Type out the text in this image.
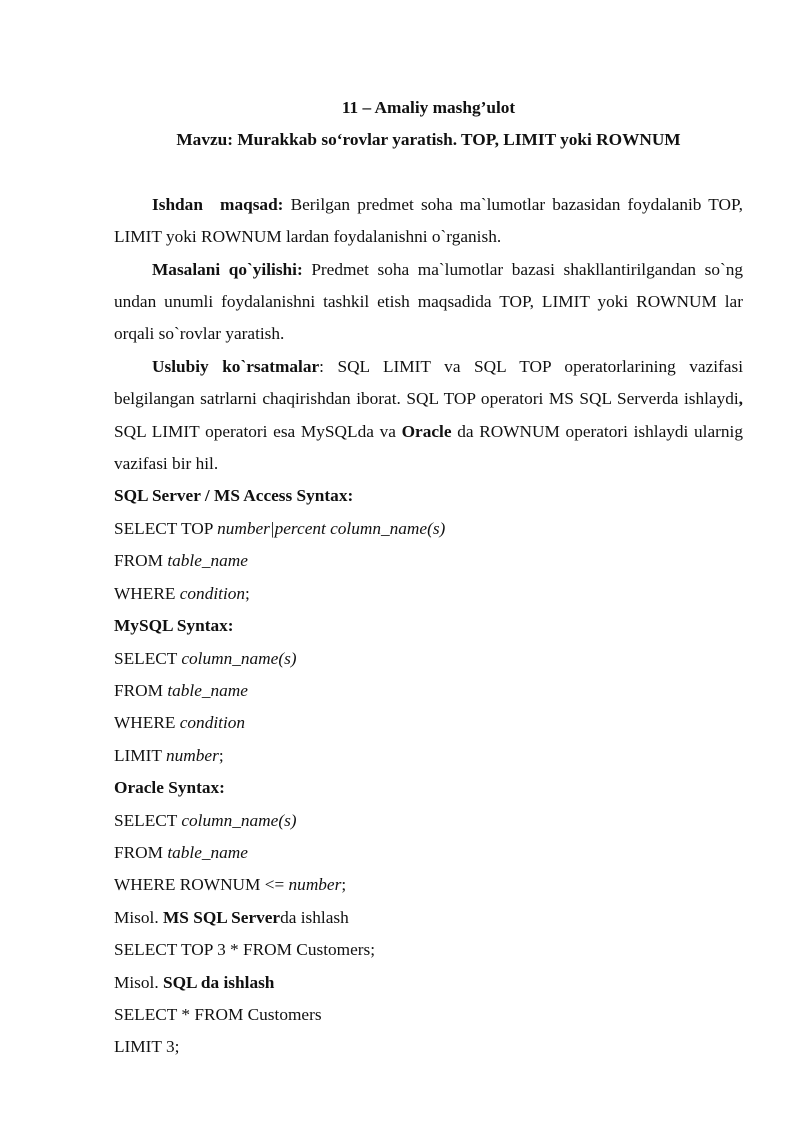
11 – Amaliy mashg’ulot

Mavzu: Murakkab so‘rovlar yaratish. TOP, LIMIT yoki ROWNUM

Ishdan maqsad: Berilgan predmet soha ma`lumotlar bazasidan foydalanib TOP, LIMIT yoki ROWNUM lardan foydalanishni o`rganish.

Masalani qo`yilishi: Predmet soha ma`lumotlar bazasi shakllantirilgandan so`ng undan unumli foydalanishni tashkil etish maqsadida TOP, LIMIT yoki ROWNUM lar orqali so`rovlar yaratish.

Uslubiy ko`rsatmalar: SQL LIMIT va SQL TOP operatorlarining vazifasi belgilangan satrlarni chaqirishdan iborat. SQL TOP operatori MS SQL Serverda ishlaydi, SQL LIMIT operatori esa MySQLda va Oracle da ROWNUM operatori ishlaydi ularnig vazifasi bir hil.

SQL Server / MS Access Syntax:

SELECT TOP number|percent column_name(s)

FROM table_name

WHERE condition;

MySQL Syntax:

SELECT column_name(s)

FROM table_name

WHERE condition

LIMIT number;

Oracle Syntax:

SELECT column_name(s)

FROM table_name

WHERE ROWNUM <= number;

Misol. MS SQL Serverda ishlash

SELECT TOP 3 * FROM Customers;

Misol. SQL da ishlash

SELECT * FROM Customers

LIMIT 3;
